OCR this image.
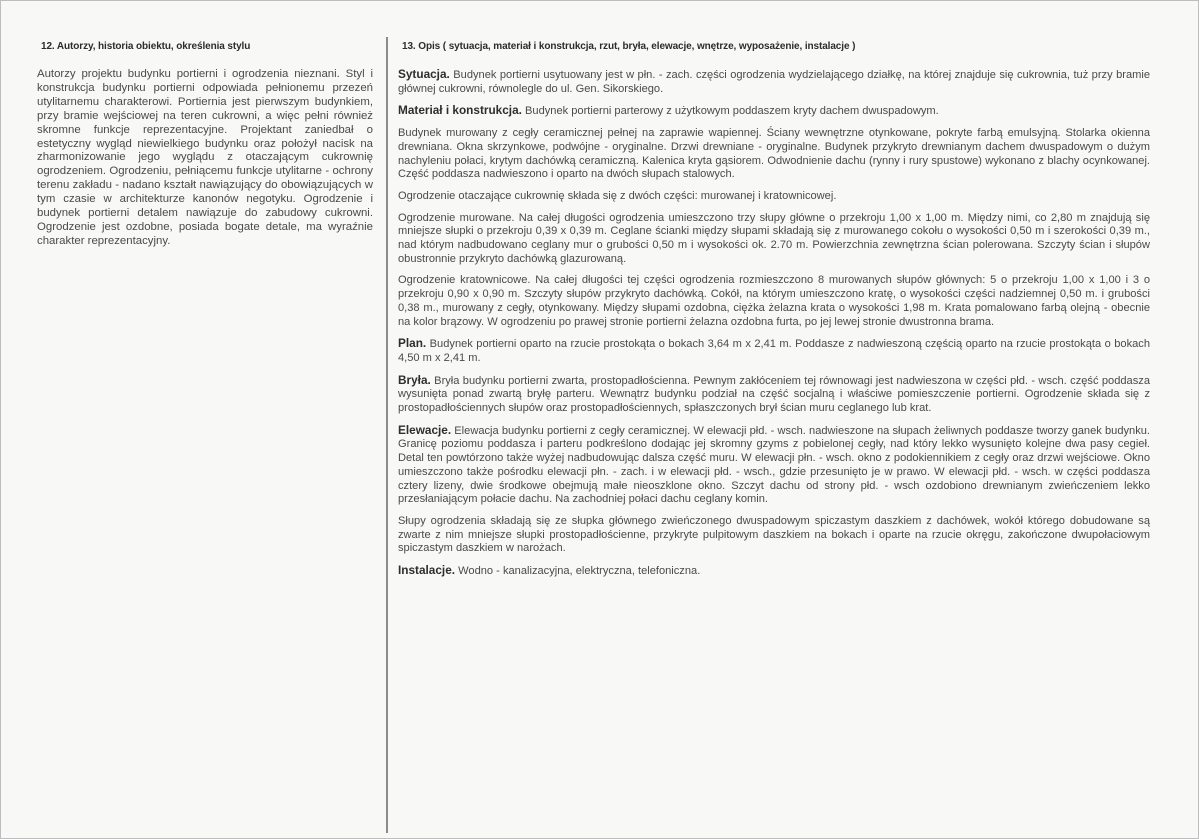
12. Autorzy, historia obiektu, określenia stylu

Autorzy projektu budynku portierni i ogrodzenia nieznani. Styl i konstrukcja budynku portierni odpowiada pełnionemu przezeń utylitarnemu charakterowi. Portiernia jest pierwszym budynkiem, przy bramie wejściowej na teren cukrowni, a więc pełni również skromne funkcje reprezentacyjne. Projektant zaniedbał o estetyczny wygląd niewielkiego budynku oraz położył nacisk na zharmonizowanie jego wyglądu z otaczającym cukrownię ogrodzeniem. Ogrodzeniu, pełniącemu funkcje utylitarne - ochrony terenu zakładu - nadano kształt nawiązujący do obowiązujących w tym czasie w architekturze kanonów negotyku. Ogrodzenie i budynek portierni detalem nawiązuje do zabudowy cukrowni. Ogrodzenie jest ozdobne, posiada bogate detale, ma wyraźnie charakter reprezentacyjny.

13. Opis ( sytuacja, materiał i konstrukcja, rzut, bryła, elewacje, wnętrze, wyposażenie, instalacje )

Sytuacja. Budynek portierni usytuowany jest w płn. - zach. części ogrodzenia wydzielającego działkę, na której znajduje się cukrownia, tuż przy bramie głównej cukrowni, równolegle do ul. Gen. Sikorskiego.

Materiał i konstrukcja. Budynek portierni parterowy z użytkowym poddaszem kryty dachem dwuspadowym.

Budynek murowany z cegły ceramicznej pełnej na zaprawie wapiennej. Ściany wewnętrzne otynkowane, pokryte farbą emulsyjną. Stolarka okienna drewniana. Okna skrzynkowe, podwójne - oryginalne. Drzwi drewniane - oryginalne. Budynek przykryto drewnianym dachem dwuspadowym o dużym nachyleniu połaci, krytym dachówką ceramiczną. Kalenica kryta gąsiorem. Odwodnienie dachu (rynny i rury spustowe) wykonano z blachy ocynkowanej. Część poddasza nadwieszono i oparto na dwóch słupach stalowych.

Ogrodzenie otaczające cukrownię składa się z dwóch części: murowanej i kratownicowej.

Ogrodzenie murowane. Na całej długości ogrodzenia umieszczono trzy słupy główne o przekroju 1,00 x 1,00 m. Między nimi, co 2,80 m znajdują się mniejsze słupki o przekroju 0,39 x 0,39 m. Ceglane ścianki między słupami składają się z murowanego cokołu o wysokości 0,50 m i szerokości 0,39 m., nad którym nadbudowano ceglany mur o grubości 0,50 m i wysokości ok. 2.70 m. Powierzchnia zewnętrzna ścian polerowana. Szczyty ścian i słupów obustronnie przykryto dachówką glazurowaną.

Ogrodzenie kratownicowe. Na całej długości tej części ogrodzenia rozmieszczono 8 murowanych słupów głównych: 5 o przekroju 1,00 x 1,00 i 3 o przekroju 0,90 x 0,90 m. Szczyty słupów przykryto dachówką. Cokół, na którym umieszczono kratę, o wysokości części nadziemnej 0,50 m. i grubości 0,38 m., murowany z cegły, otynkowany. Między słupami ozdobna, ciężka żelazna krata o wysokości 1,98 m. Krata pomalowano farbą olejną - obecnie na kolor brązowy. W ogrodzeniu po prawej stronie portierni żelazna ozdobna furta, po jej lewej stronie dwustronna brama.

Plan. Budynek portierni oparto na rzucie prostokąta o bokach 3,64 m x 2,41 m. Poddasze z nadwieszoną częścią oparto na rzucie prostokąta o bokach 4,50 m x 2,41 m.

Bryła. Bryła budynku portierni zwarta, prostopadłościenna. Pewnym zakłóceniem tej równowagi jest nadwieszona w części płd. - wsch. część poddasza wysunięta ponad zwartą bryłę parteru. Wewnątrz budynku podział na część socjalną i właściwe pomieszczenie portierni. Ogrodzenie składa się z prostopadłościennych słupów oraz prostopadłościennych, spłaszczonych brył ścian muru ceglanego lub krat.

Elewacje. Elewacja budynku portierni z cegły ceramicznej. W elewacji płd. - wsch. nadwieszone na słupach żeliwnych poddasze tworzy ganek budynku. Granicę poziomu poddasza i parteru podkreślono dodając jej skromny gzyms z pobielonej cegły, nad który lekko wysunięto kolejne dwa pasy cegieł. Detal ten powtórzono także wyżej nadbudowując dalsza część muru. W elewacji płn. - wsch. okno z podokiennikiem z cegły oraz drzwi wejściowe. Okno umieszczono także pośrodku elewacji płn. - zach. i w elewacji płd. - wsch., gdzie przesunięto je w prawo. W elewacji płd. - wsch. w części poddasza cztery lizeny, dwie środkowe obejmują małe nieoszklone okno. Szczyt dachu od strony płd. - wsch ozdobiono drewnianym zwieńczeniem lekko przesłaniającym połacie dachu. Na zachodniej połaci dachu ceglany komin.

Słupy ogrodzenia składają się ze słupka głównego zwieńczonego dwuspadowym spiczastym daszkiem z dachówek, wokół którego dobudowane są zwarte z nim mniejsze słupki prostopadłościenne, przykryte pulpitowym daszkiem na bokach i oparte na rzucie okręgu, zakończone dwupołaciowym spiczastym daszkiem w narożach.

Instalacje. Wodno - kanalizacyjna, elektryczna, telefoniczna.
